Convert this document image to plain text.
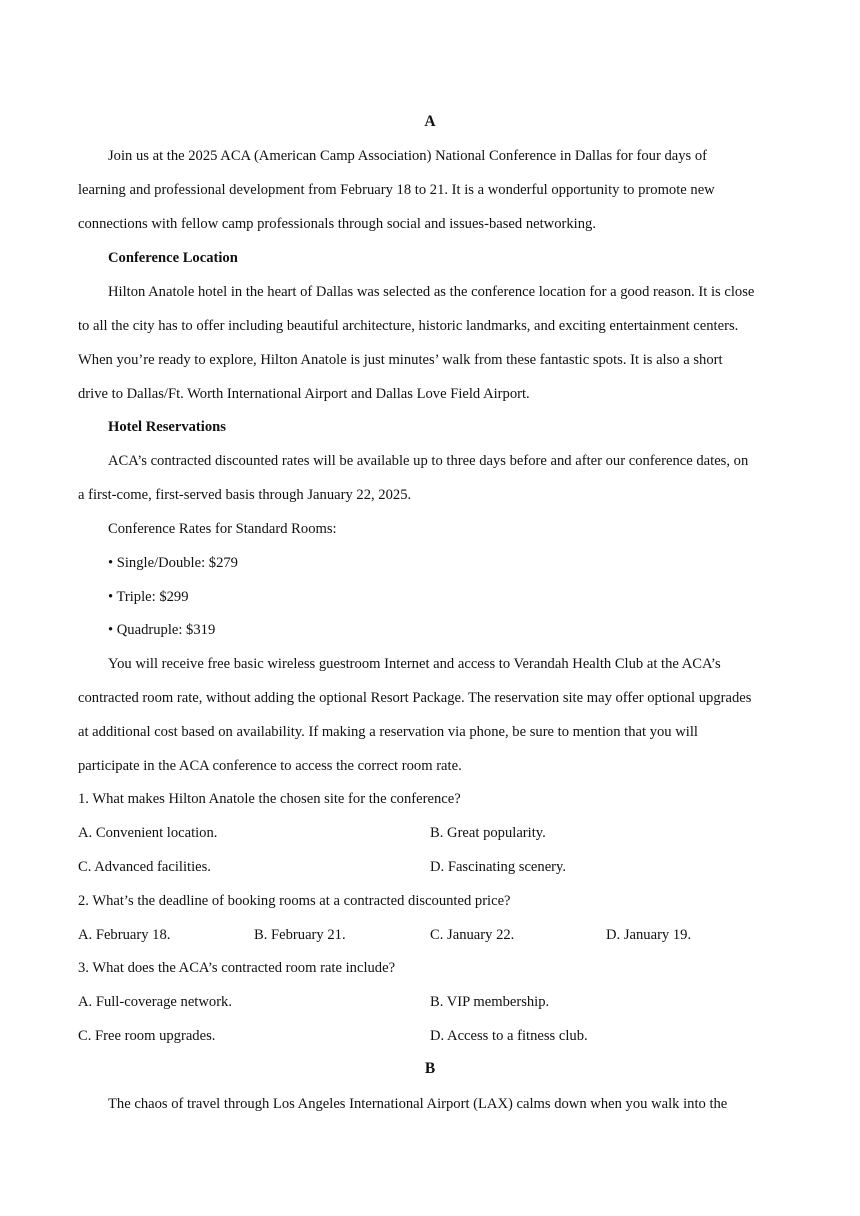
A
Join us at the 2025 ACA (American Camp Association) National Conference in Dallas for four days of
learning and professional development from February 18 to 21. It is a wonderful opportunity to promote new
connections with fellow camp professionals through social and issues-based networking.
Conference Location
Hilton Anatole hotel in the heart of Dallas was selected as the conference location for a good reason. It is close
to all the city has to offer including beautiful architecture, historic landmarks, and exciting entertainment centers.
When you’re ready to explore, Hilton Anatole is just minutes’ walk from these fantastic spots. It is also a short
drive to Dallas/Ft. Worth International Airport and Dallas Love Field Airport.
Hotel Reservations
ACA’s contracted discounted rates will be available up to three days before and after our conference dates, on
a first-come, first-served basis through January 22, 2025.
Conference Rates for Standard Rooms:
• Single/Double: $279
• Triple: $299
• Quadruple: $319
You will receive free basic wireless guestroom Internet and access to Verandah Health Club at the ACA’s
contracted room rate, without adding the optional Resort Package. The reservation site may offer optional upgrades
at additional cost based on availability. If making a reservation via phone, be sure to mention that you will
participate in the ACA conference to access the correct room rate.
1. What makes Hilton Anatole the chosen site for the conference?
A. Convenient location.	B. Great popularity.
C. Advanced facilities.	D. Fascinating scenery.
2. What’s the deadline of booking rooms at a contracted discounted price?
A. February 18.	B. February 21.	C. January 22.	D. January 19.
3. What does the ACA’s contracted room rate include?
A. Full-coverage network.	B. VIP membership.
C. Free room upgrades.	D. Access to a fitness club.
B
The chaos of travel through Los Angeles International Airport (LAX) calms down when you walk into the
